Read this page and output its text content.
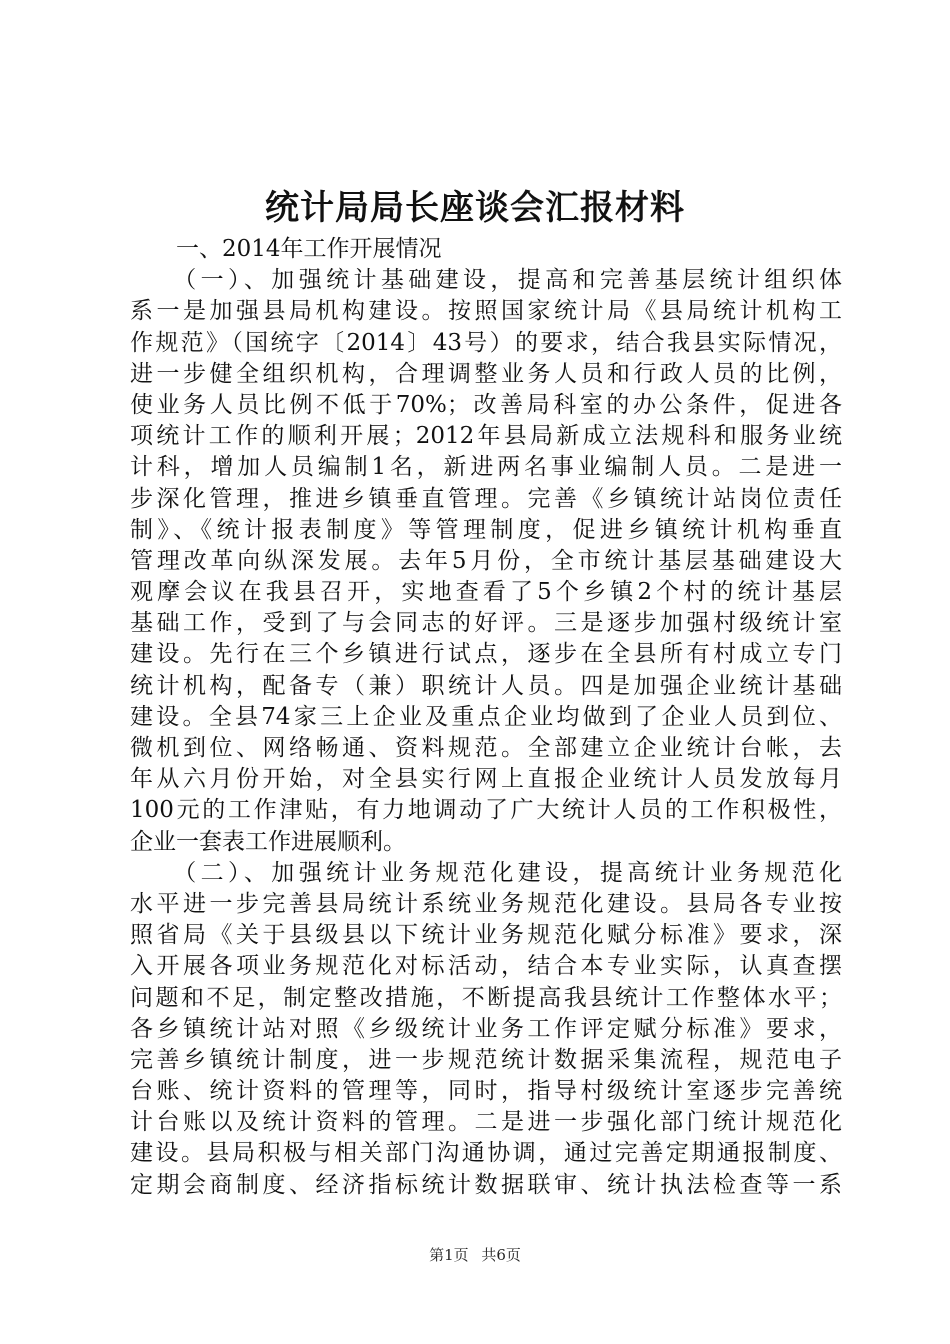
统计局局长座谈会汇报材料
　　一、2014年工作开展情况
　　（一）、加强统计基础建设，提高和完善基层统计组织体
系一是加强县局机构建设。按照国家统计局《县局统计机构工
作规范》（国统字〔2014〕43号）的要求，结合我县实际情况，
进一步健全组织机构，合理调整业务人员和行政人员的比例，
使业务人员比例不低于70%；改善局科室的办公条件，促进各
项统计工作的顺利开展；2012年县局新成立法规科和服务业统
计科，增加人员编制1名，新进两名事业编制人员。二是进一
步深化管理，推进乡镇垂直管理。完善《乡镇统计站岗位责任
制》、《统计报表制度》等管理制度，促进乡镇统计机构垂直
管理改革向纵深发展。去年5月份，全市统计基层基础建设大
观摩会议在我县召开，实地查看了5个乡镇2个村的统计基层
基础工作，受到了与会同志的好评。三是逐步加强村级统计室
建设。先行在三个乡镇进行试点，逐步在全县所有村成立专门
统计机构，配备专（兼）职统计人员。四是加强企业统计基础
建设。全县74家三上企业及重点企业均做到了企业人员到位、
微机到位、网络畅通、资料规范。全部建立企业统计台帐，去
年从六月份开始，对全县实行网上直报企业统计人员发放每月
100元的工作津贴，有力地调动了广大统计人员的工作积极性，
企业一套表工作进展顺利。
　　（二）、加强统计业务规范化建设，提高统计业务规范化
水平进一步完善县局统计系统业务规范化建设。县局各专业按
照省局《关于县级县以下统计业务规范化赋分标准》要求，深
入开展各项业务规范化对标活动，结合本专业实际，认真查摆
问题和不足，制定整改措施，不断提高我县统计工作整体水平；
各乡镇统计站对照《乡级统计业务工作评定赋分标准》要求，
完善乡镇统计制度，进一步规范统计数据采集流程，规范电子
台账、统计资料的管理等，同时，指导村级统计室逐步完善统
计台账以及统计资料的管理。二是进一步强化部门统计规范化
建设。县局积极与相关部门沟通协调，通过完善定期通报制度、
定期会商制度、经济指标统计数据联审、统计执法检查等一系
第1页 共6页
